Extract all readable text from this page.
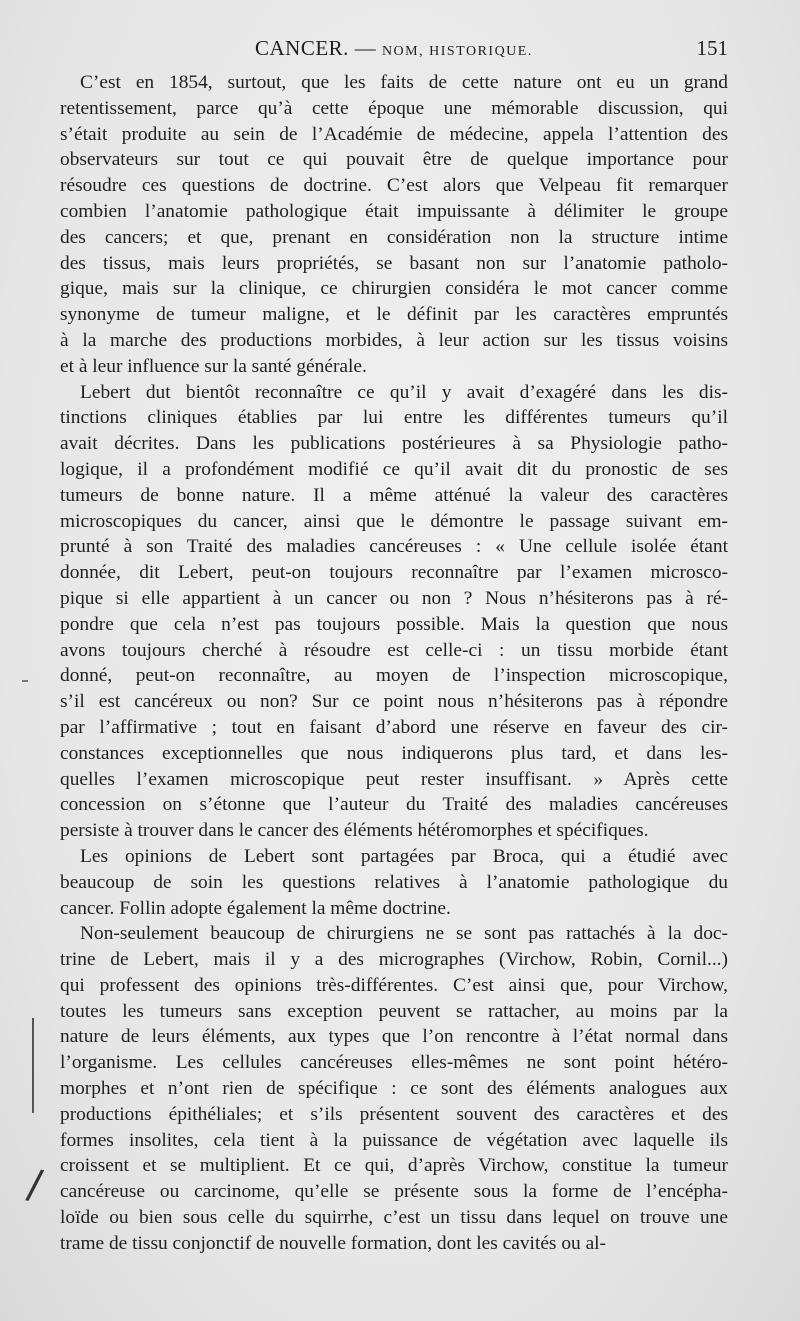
CANCER. — NOM, HISTORIQUE.	151
C’est en 1854, surtout, que les faits de cette nature ont eu un grand
retentissement, parce qu’à cette époque une mémorable discussion, qui
s’était produite au sein de l’Académie de médecine, appela l’attention des
observateurs sur tout ce qui pouvait être de quelque importance pour
résoudre ces questions de doctrine. C’est alors que Velpeau fit remarquer
combien l’anatomie pathologique était impuissante à délimiter le groupe
des cancers; et que, prenant en considération non la structure intime
des tissus, mais leurs propriétés, se basant non sur l’anatomie patholo-
gique, mais sur la clinique, ce chirurgien considéra le mot cancer comme
synonyme de tumeur maligne, et le définit par les caractères empruntés
à la marche des productions morbides, à leur action sur les tissus voisins
et à leur influence sur la santé générale.
Lebert dut bientôt reconnaître ce qu’il y avait d’exagéré dans les dis-
tinctions cliniques établies par lui entre les différentes tumeurs qu’il
avait décrites. Dans les publications postérieures à sa Physiologie patho-
logique, il a profondément modifié ce qu’il avait dit du pronostic de ses
tumeurs de bonne nature. Il a même atténué la valeur des caractères
microscopiques du cancer, ainsi que le démontre le passage suivant em-
prunté à son Traité des maladies cancéreuses : « Une cellule isolée étant
donnée, dit Lebert, peut-on toujours reconnaître par l’examen microsco-
pique si elle appartient à un cancer ou non ? Nous n’hésiterons pas à ré-
pondre que cela n’est pas toujours possible. Mais la question que nous
avons toujours cherché à résoudre est celle-ci : un tissu morbide étant
donné, peut-on reconnaître, au moyen de l’inspection microscopique,
s’il est cancéreux ou non? Sur ce point nous n’hésiterons pas à répondre
par l’affirmative ; tout en faisant d’abord une réserve en faveur des cir-
constances exceptionnelles que nous indiquerons plus tard, et dans les-
quelles l’examen microscopique peut rester insuffisant. » Après cette
concession on s’étonne que l’auteur du Traité des maladies cancéreuses
persiste à trouver dans le cancer des éléments hétéromorphes et spécifiques.
Les opinions de Lebert sont partagées par Broca, qui a étudié avec
beaucoup de soin les questions relatives à l’anatomie pathologique du
cancer. Follin adopte également la même doctrine.
Non-seulement beaucoup de chirurgiens ne se sont pas rattachés à la doc-
trine de Lebert, mais il y a des micrographes (Virchow, Robin, Cornil...)
qui professent des opinions très-différentes. C’est ainsi que, pour Virchow,
toutes les tumeurs sans exception peuvent se rattacher, au moins par la
nature de leurs éléments, aux types que l’on rencontre à l’état normal dans
l’organisme. Les cellules cancéreuses elles-mêmes ne sont point hétéro-
morphes et n’ont rien de spécifique : ce sont des éléments analogues aux
productions épithéliales; et s’ils présentent souvent des caractères et des
formes insolites, cela tient à la puissance de végétation avec laquelle ils
croissent et se multiplient. Et ce qui, d’après Virchow, constitue la tumeur
cancéreuse ou carcinome, qu’elle se présente sous la forme de l’encépha-
loïde ou bien sous celle du squirrhe, c’est un tissu dans lequel on trouve une
trame de tissu conjonctif de nouvelle formation, dont les cavités ou al-
/
